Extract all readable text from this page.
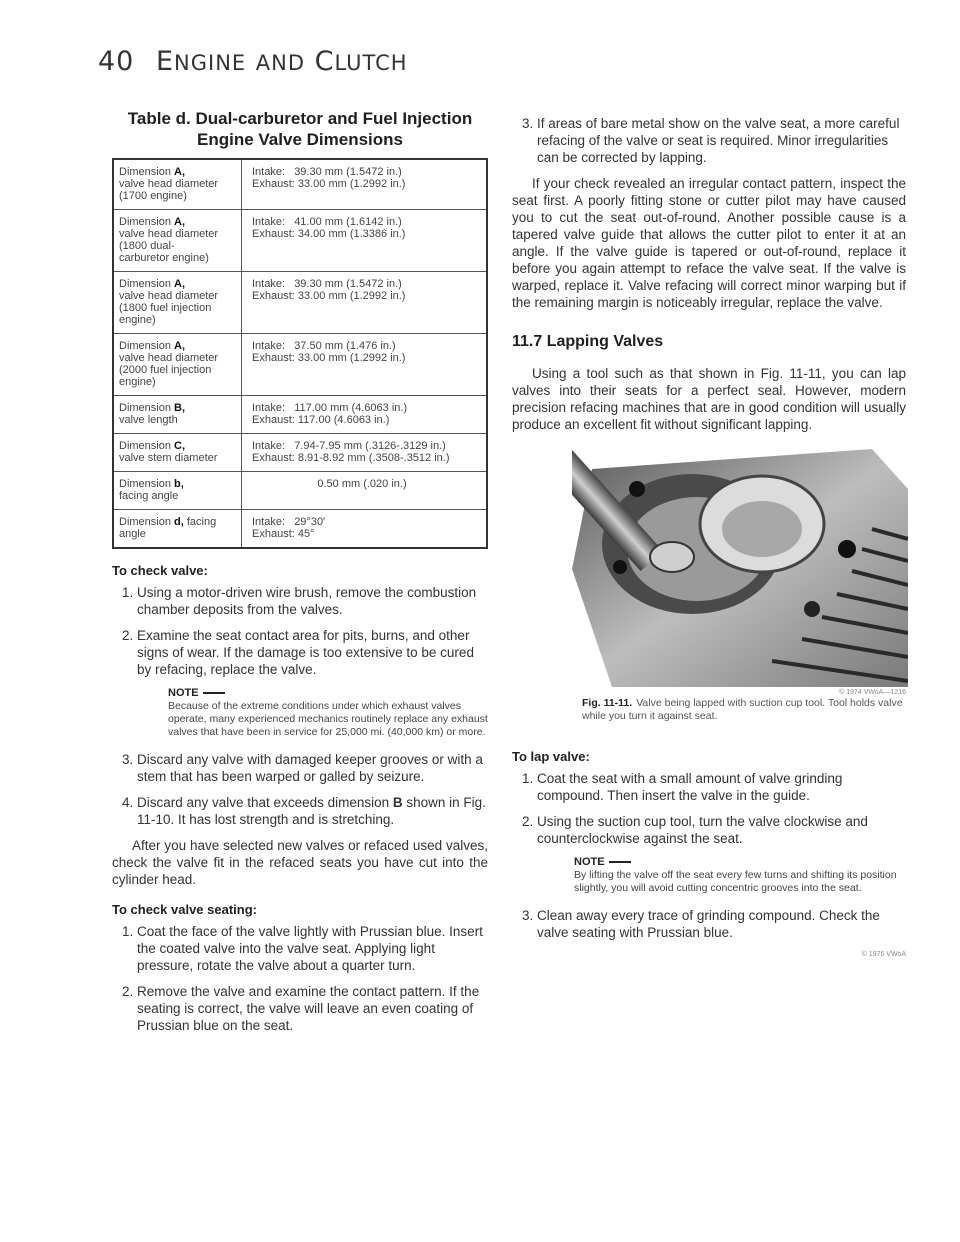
40 ENGINE AND CLUTCH
Table d. Dual-carburetor and Fuel Injection
Engine Valve Dimensions
Dimension A,
valve head diameter
(1700 engine)	Intake:   39.30 mm (1.5472 in.)
Exhaust: 33.00 mm (1.2992 in.)

Dimension A,
valve head diameter
(1800 dual-
carburetor engine)	Intake:   41.00 mm (1.6142 in.)
Exhaust: 34.00 mm (1.3386 in.)

Dimension A,
valve head diameter
(1800 fuel injection
engine)	Intake:   39.30 mm (1.5472 in.)
Exhaust: 33.00 mm (1.2992 in.)

Dimension A,
valve head diameter
(2000 fuel injection
engine)	Intake:   37.50 mm (1.476 in.)
Exhaust: 33.00 mm (1.2992 in.)

Dimension B,
valve length	Intake:   117.00 mm (4.6063 in.)
Exhaust: 117.00 (4.6063 in.)

Dimension C,
valve stem diameter	Intake:   7.94-7.95 mm (.3126-.3129 in.)
Exhaust: 8.91-8.92 mm (.3508-.3512 in.)

Dimension b,
facing angle	0.50 mm (.020 in.)

Dimension d, facing
angle	Intake:   29°30′
Exhaust: 45°
To check valve:
1. Using a motor-driven wire brush, remove the combustion chamber deposits from the valves.
2. Examine the seat contact area for pits, burns, and other signs of wear. If the damage is too extensive to be cured by refacing, replace the valve.
NOTE
Because of the extreme conditions under which exhaust valves operate, many experienced mechanics routinely replace any exhaust valves that have been in service for 25,000 mi. (40,000 km) or more.
3. Discard any valve with damaged keeper grooves or with a stem that has been warped or galled by seizure.
4. Discard any valve that exceeds dimension B shown in Fig. 11-10. It has lost strength and is stretching.

After you have selected new valves or refaced used valves, check the valve fit in the refaced seats you have cut into the cylinder head.

To check valve seating:
1. Coat the face of the valve lightly with Prussian blue. Insert the coated valve into the valve seat. Applying light pressure, rotate the valve about a quarter turn.
2. Remove the valve and examine the contact pattern. If the seating is correct, the valve will leave an even coating of Prussian blue on the seat.
3. If areas of bare metal show on the valve seat, a more careful refacing of the valve or seat is required. Minor irregularities can be corrected by lapping.

If your check revealed an irregular contact pattern, inspect the seat first. A poorly fitting stone or cutter pilot may have caused you to cut the seat out-of-round. Another possible cause is a tapered valve guide that allows the cutter pilot to enter it at an angle. If the valve guide is tapered or out-of-round, replace it before you again attempt to reface the valve seat. If the valve is warped, replace it. Valve refacing will correct minor warping but if the remaining margin is noticeably irregular, replace the valve.

11.7 Lapping Valves

Using a tool such as that shown in Fig. 11-11, you can lap valves into their seats for a perfect seal. However, modern precision refacing machines that are in good condition will usually produce an excellent fit without significant lapping.

© 1974 VWoA—1216
Fig. 11-11. Valve being lapped with suction cup tool. Tool holds valve while you turn it against seat.
To lap valve:
1. Coat the seat with a small amount of valve grinding compound. Then insert the valve in the guide.
2. Using the suction cup tool, turn the valve clockwise and counterclockwise against the seat.
NOTE
By lifting the valve off the seat every few turns and shifting its position slightly, you will avoid cutting concentric grooves into the seat.
3. Clean away every trace of grinding compound. Check the valve seating with Prussian blue.
© 1976 VWoA
